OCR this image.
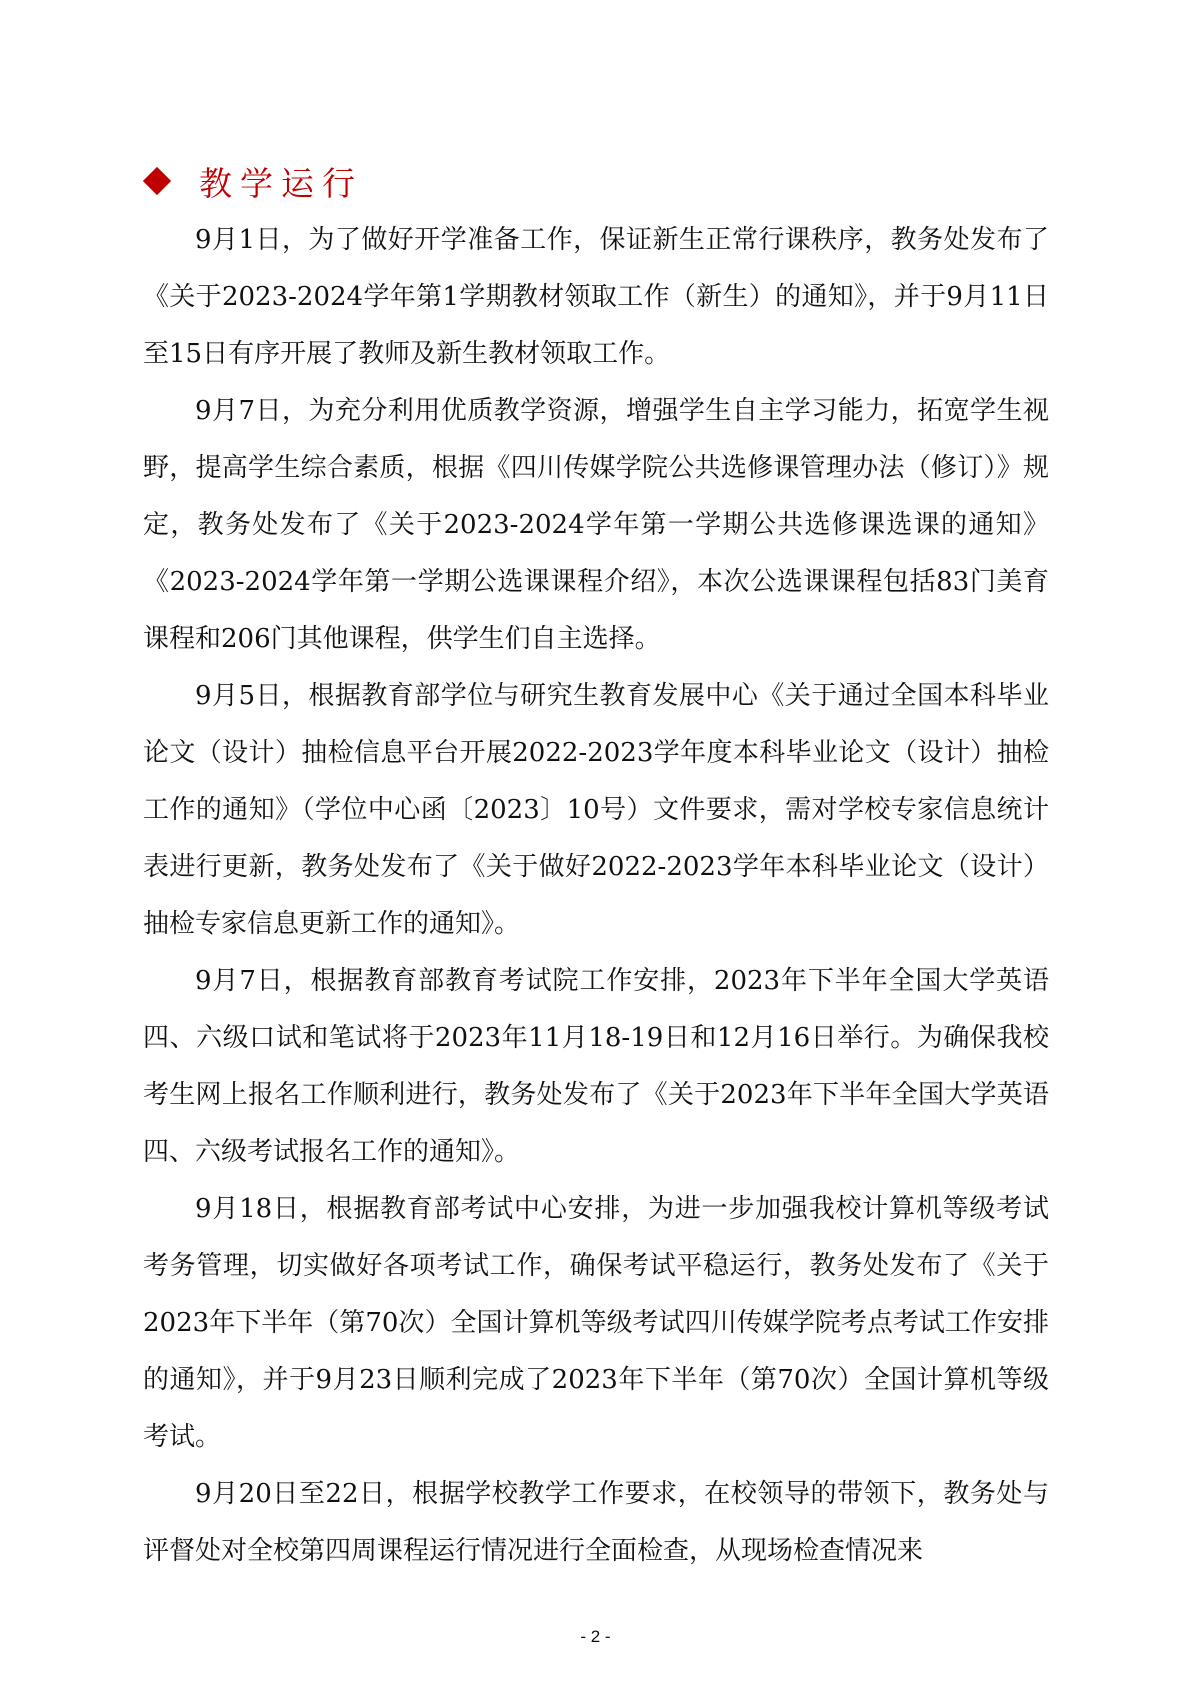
教学运行

9月1日，为了做好开学准备工作，保证新生正常行课秩序，教务处发布了《关于2023-2024学年第1学期教材领取工作（新生）的通知》，并于9月11日至15日有序开展了教师及新生教材领取工作。

9月7日，为充分利用优质教学资源，增强学生自主学习能力，拓宽学生视野，提高学生综合素质，根据《四川传媒学院公共选修课管理办法（修订）》规定，教务处发布了《关于2023-2024学年第一学期公共选修课选课的通知》《2023-2024学年第一学期公选课课程介绍》，本次公选课课程包括83门美育课程和206门其他课程，供学生们自主选择。

9月5日，根据教育部学位与研究生教育发展中心《关于通过全国本科毕业论文（设计）抽检信息平台开展2022-2023学年度本科毕业论文（设计）抽检工作的通知》（学位中心函〔2023〕10号）文件要求，需对学校专家信息统计表进行更新，教务处发布了《关于做好2022-2023学年本科毕业论文（设计）抽检专家信息更新工作的通知》。

9月7日，根据教育部教育考试院工作安排，2023年下半年全国大学英语四、六级口试和笔试将于2023年11月18-19日和12月16日举行。为确保我校考生网上报名工作顺利进行，教务处发布了《关于2023年下半年全国大学英语四、六级考试报名工作的通知》。

9月18日，根据教育部考试中心安排，为进一步加强我校计算机等级考试考务管理，切实做好各项考试工作，确保考试平稳运行，教务处发布了《关于2023年下半年（第70次）全国计算机等级考试四川传媒学院考点考试工作安排的通知》，并于9月23日顺利完成了2023年下半年（第70次）全国计算机等级考试。

9月20日至22日，根据学校教学工作要求，在校领导的带领下，教务处与评督处对全校第四周课程运行情况进行全面检查，从现场检查情况来

- 2 -
